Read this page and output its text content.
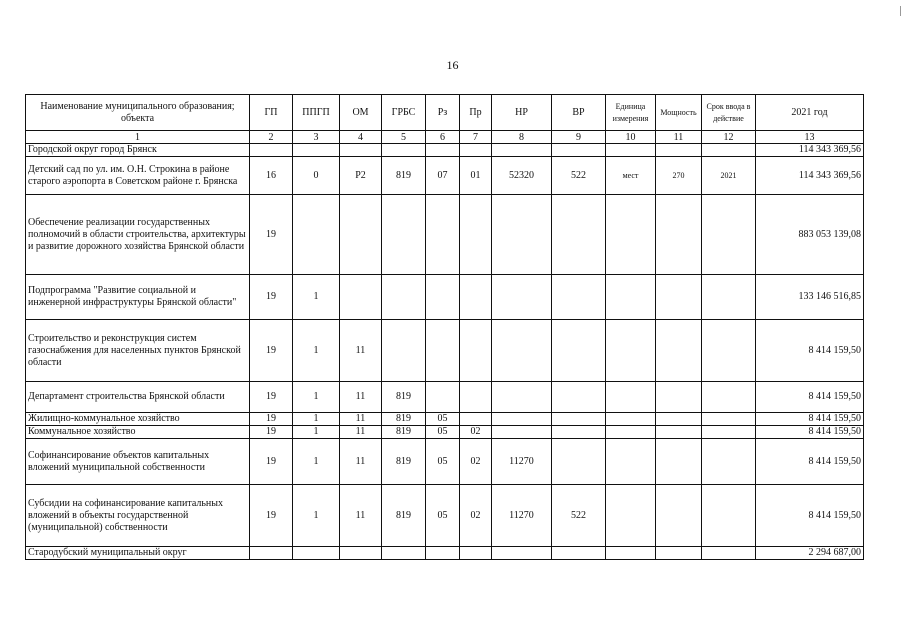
16
Наименование муниципального образования; объекта	ГП	ППГП	ОМ	ГРБС	Рз	Пр	НР	ВР	Единица измерения	Мощность	Срок ввода в действие	2021 год
1	2	3	4	5	6	7	8	9	10	11	12	13
Городской округ город Брянск												114 343 369,56
Детский сад по ул. им. О.Н. Строкина в районе старого аэропорта в Советском районе г. Брянска	16	0	Р2	819	07	01	52320	522	мест	270	2021	114 343 369,56
Обеспечение реализации государственных полномочий в области строительства, архитектуры и развитие дорожного хозяйства Брянской области	19											883 053 139,08
Подпрограмма "Развитие социальной и инженерной инфраструктуры Брянской области"	19	1										133 146 516,85
Строительство и реконструкция систем газоснабжения для населенных пунктов Брянской области	19	1	11									8 414 159,50
Департамент строительства Брянской области	19	1	11	819								8 414 159,50
Жилищно-коммунальное хозяйство	19	1	11	819	05							8 414 159,50
Коммунальное хозяйство	19	1	11	819	05	02						8 414 159,50
Софинансирование объектов капитальных вложений муниципальной собственности	19	1	11	819	05	02	11270					8 414 159,50
Субсидии на софинансирование капитальных вложений в объекты государственной (муниципальной) собственности	19	1	11	819	05	02	11270	522				8 414 159,50
Стародубский муниципальный округ												2 294 687,00
